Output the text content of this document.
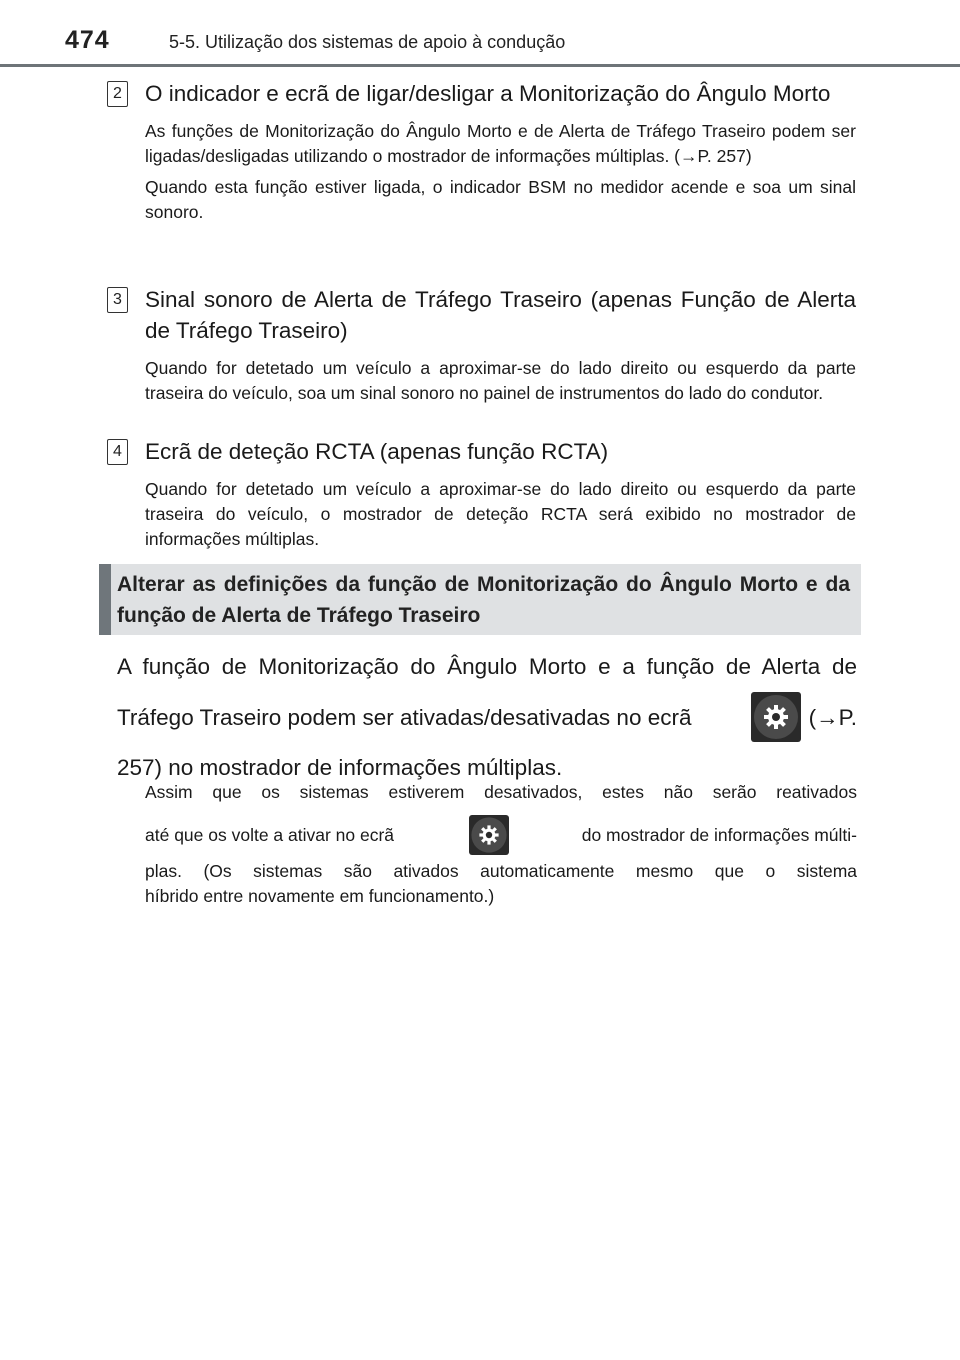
474	5-5. Utilização dos sistemas de apoio à condução
2 O indicador e ecrã de ligar/desligar a Monitorização do Ângulo Morto

As funções de Monitorização do Ângulo Morto e de Alerta de Tráfego Traseiro podem ser ligadas/desligadas utilizando o mostrador de informações múltiplas. (→P. 257)

Quando esta função estiver ligada, o indicador BSM no medidor acende e soa um sinal sonoro.

3 Sinal sonoro de Alerta de Tráfego Traseiro (apenas Função de Alerta de Tráfego Traseiro)

Quando for detetado um veículo a aproximar-se do lado direito ou esquerdo da parte traseira do veículo, soa um sinal sonoro no painel de instrumentos do lado do condutor.

4 Ecrã de deteção RCTA (apenas função RCTA)

Quando for detetado um veículo a aproximar-se do lado direito ou esquerdo da parte traseira do veículo, o mostrador de deteção RCTA será exibido no mostrador de informações múltiplas.

Alterar as definições da função de Monitorização do Ângulo Morto e da função de Alerta de Tráfego Traseiro

A função de Monitorização do Ângulo Morto e a função de Alerta de
Tráfego Traseiro podem ser ativadas/desativadas no ecrã	(→P.
257) no mostrador de informações múltiplas.
Assim que os sistemas estiverem desativados, estes não serão reativados
até que os volte a ativar no ecrã	do mostrador de informações múlti-
plas. (Os sistemas são ativados automaticamente mesmo que o sistema
híbrido entre novamente em funcionamento.)
